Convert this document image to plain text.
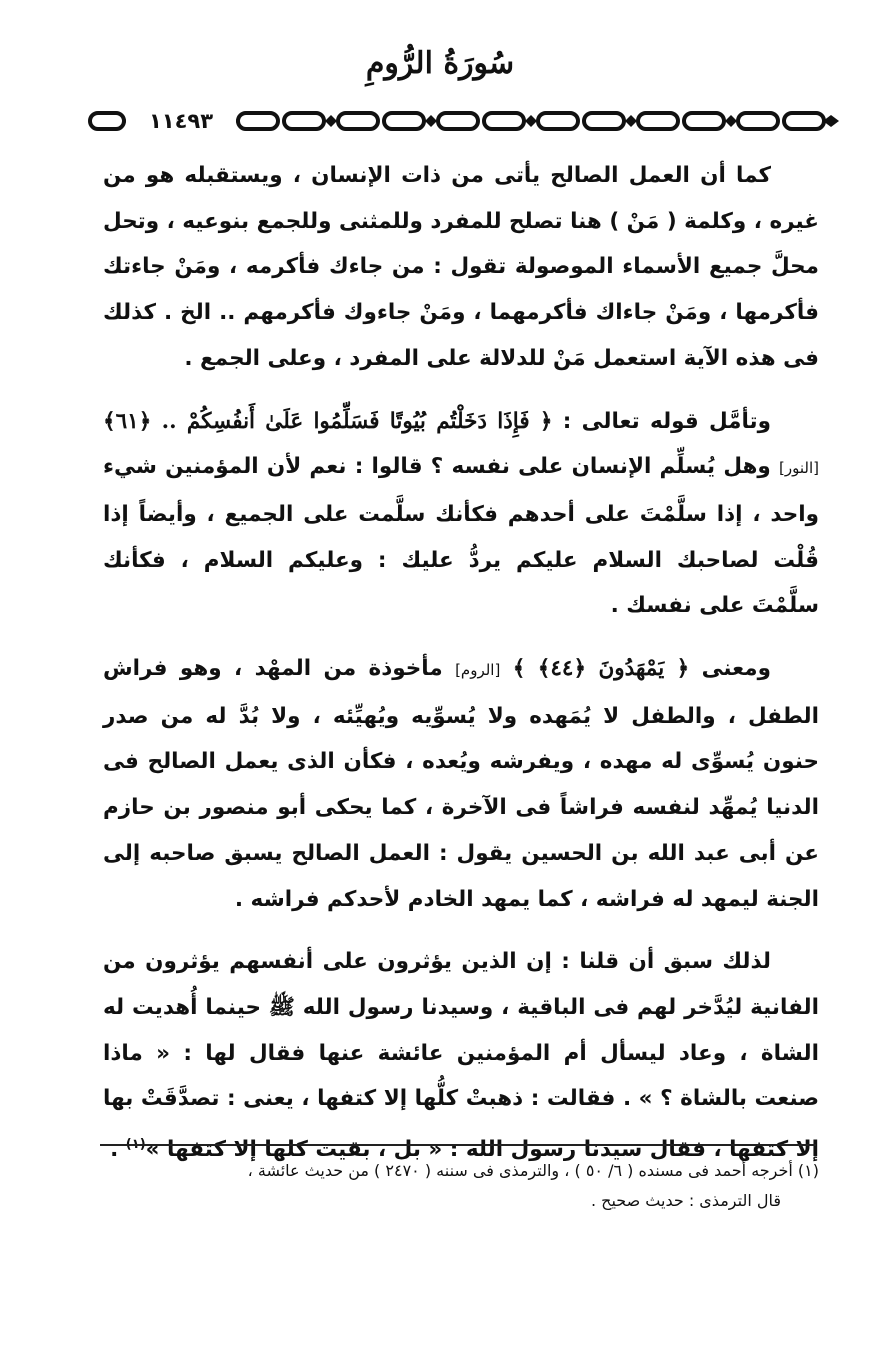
سُورَةُ الرُّومِ
١١٤٩٣

كما أن العمل الصالح يأتى من ذات الإنسان ، ويستقبله هو من غيره ، وكلمة ( مَنْ ) هنا تصلح للمفرد وللمثنى وللجمع بنوعيه ، وتحل محلَّ جميع الأسماء الموصولة تقول : من جاءك فأكرمه ، ومَنْ جاءتك فأكرمها ، ومَنْ جاءاك فأكرمهما ، ومَنْ جاءوك فأكرمهم .. الخ . كذلك فى هذه الآية استعمل مَنْ للدلالة على المفرد ، وعلى الجمع .

وتأمَّل قوله تعالى : ﴿ فَإِذَا دَخَلْتُم بُيُوتًا فَسَلِّمُوا عَلَىٰ أَنفُسِكُمْ .. ﴿٦١﴾ [النور] وهل يُسلِّم الإنسان على نفسه ؟ قالوا : نعم لأن المؤمنين شيء واحد ، إذا سلَّمْتَ على أحدهم فكأنك سلَّمت على الجميع ، وأيضاً إذا قُلْت لصاحبك السلام عليكم يردُّ عليك : وعليكم السلام ، فكأنك سلَّمْتَ على نفسك .

ومعنى ﴿ يَمْهَدُونَ ﴿٤٤﴾ ﴾ [الروم] مأخوذة من المهْد ، وهو فراش الطفل ، والطفل لا يُمَهده ولا يُسوِّيه ويُهيِّئه ، ولا بُدَّ له من صدر حنون يُسوِّى له مهده ، ويفرشه ويُعده ، فكأن الذى يعمل الصالح فى الدنيا يُمهِّد لنفسه فراشاً فى الآخرة ، كما يحكى أبو منصور بن حازم عن أبى عبد الله بن الحسين يقول : العمل الصالح يسبق صاحبه إلى الجنة ليمهد له فراشه ، كما يمهد الخادم لأحدكم فراشه .

لذلك سبق أن قلنا : إن الذين يؤثرون على أنفسهم يؤثرون من الفانية ليُدَّخر لهم فى الباقية ، وسيدنا رسول الله ﷺ حينما أُهديت له الشاة ، وعاد ليسأل أم المؤمنين عائشة عنها فقال لها : « ماذا صنعت بالشاة ؟ » . فقالت : ذهبتْ كلُّها إلا كتفها ، يعنى : تصدَّقَتْ بها إلا كتفها ، فقال سيدنا رسول الله : « بل ، بقيت كلها إلا كتفها »$^{(١)}$ .

(١) أخرجه أحمد فى مسنده ( ٦/ ٥٠ ) ، والترمذى فى سننه ( ٢٤٧٠ ) من حديث عائشة ،

قال الترمذى : حديث صحيح .
